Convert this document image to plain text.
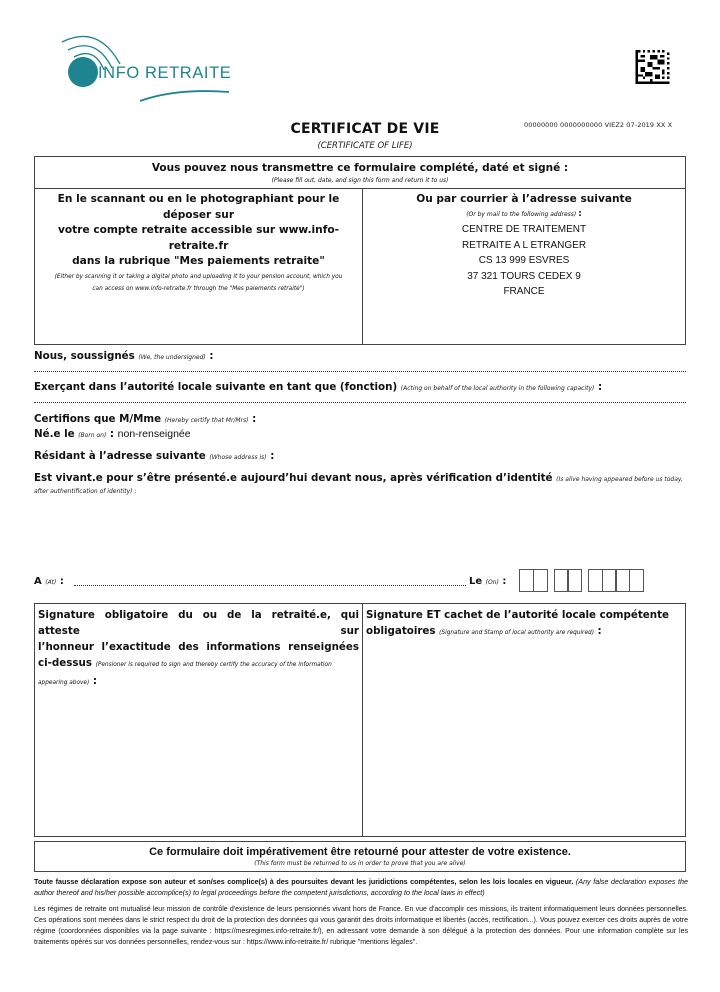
INFO RETRAITE
00000000 0000000000 VIEZ2 07-2019 XX X
CERTIFICAT DE VIE
(CERTIFICATE OF LIFE)
Vous pouvez nous transmettre ce formulaire complété, daté et signé :
(Please fill out, date, and sign this form and return it to us)
En le scannant ou en le photographiant pour le déposer sur
votre compte retraite accessible sur www.info-retraite.fr
dans la rubrique "Mes paiements retraite"
(Either by scanning it or taking a digital photo and uploading it to your pension account, which you
can access on www.info-retraite.fr through the "Mes paiements retraite")
Ou par courrier à l’adresse suivante
(Or by mail to the following address) :
CENTRE DE TRAITEMENT
RETRAITE A L ETRANGER
CS 13 999 ESVRES
37 321 TOURS CEDEX 9
FRANCE
Nous, soussignés (We, the undersigned) :
Exerçant dans l’autorité locale suivante en tant que (fonction) (Acting on behalf of the local authority in the following capacity) :
Certifions que M/Mme (Hereby certify that Mr/Mrs) :
Né.e le (Born on) : non-renseignée
Résidant à l’adresse suivante (Whose address is) :
Est vivant.e pour s’être présenté.e aujourd’hui devant nous, après vérification d’identité (Is alive having appeared before us today, after authentification of identity) :
A (At) :	Le (On) :
Signature obligatoire du ou de la retraité.e, qui atteste sur
l’honneur l’exactitude des informations renseignées
ci-dessus (Pensioner is required to sign and thereby certify the accuracy of the information
appearing above) :
Signature ET cachet de l’autorité locale compétente
obligatoires (Signature and Stamp of local authority are required) :
Ce formulaire doit impérativement être retourné pour attester de votre existence.
(This form must be returned to us in order to prove that you are alive)
Toute fausse déclaration expose son auteur et son/ses complice(s) à des poursuites devant les juridictions compétentes, selon les lois locales en vigueur. (Any false declaration exposes the author thereof and his/her possible accomplice(s) to legal proceedings before the competent jurisdictions, according to the local laws in effect)
Les régimes de retraite ont mutualisé leur mission de contrôle d'existence de leurs pensionnés vivant hors de France. En vue d'accomplir ces missions, ils traitent informatiquement leurs données personnelles. Ces opérations sont menées dans le strict respect du droit de la protection des données qui vous garantit des droits informatique et libertés (accès, rectification...). Vous pouvez exercer ces droits auprès de votre régime (coordonnées disponibles via la page suivante : https://mesregimes.info-retraite.fr/), en adressant votre demande à son délégué à la protection des données. Pour une information complète sur les traitements opérés sur vos données personnelles, rendez-vous sur : https://www.info-retraite.fr/ rubrique "mentions légales".
